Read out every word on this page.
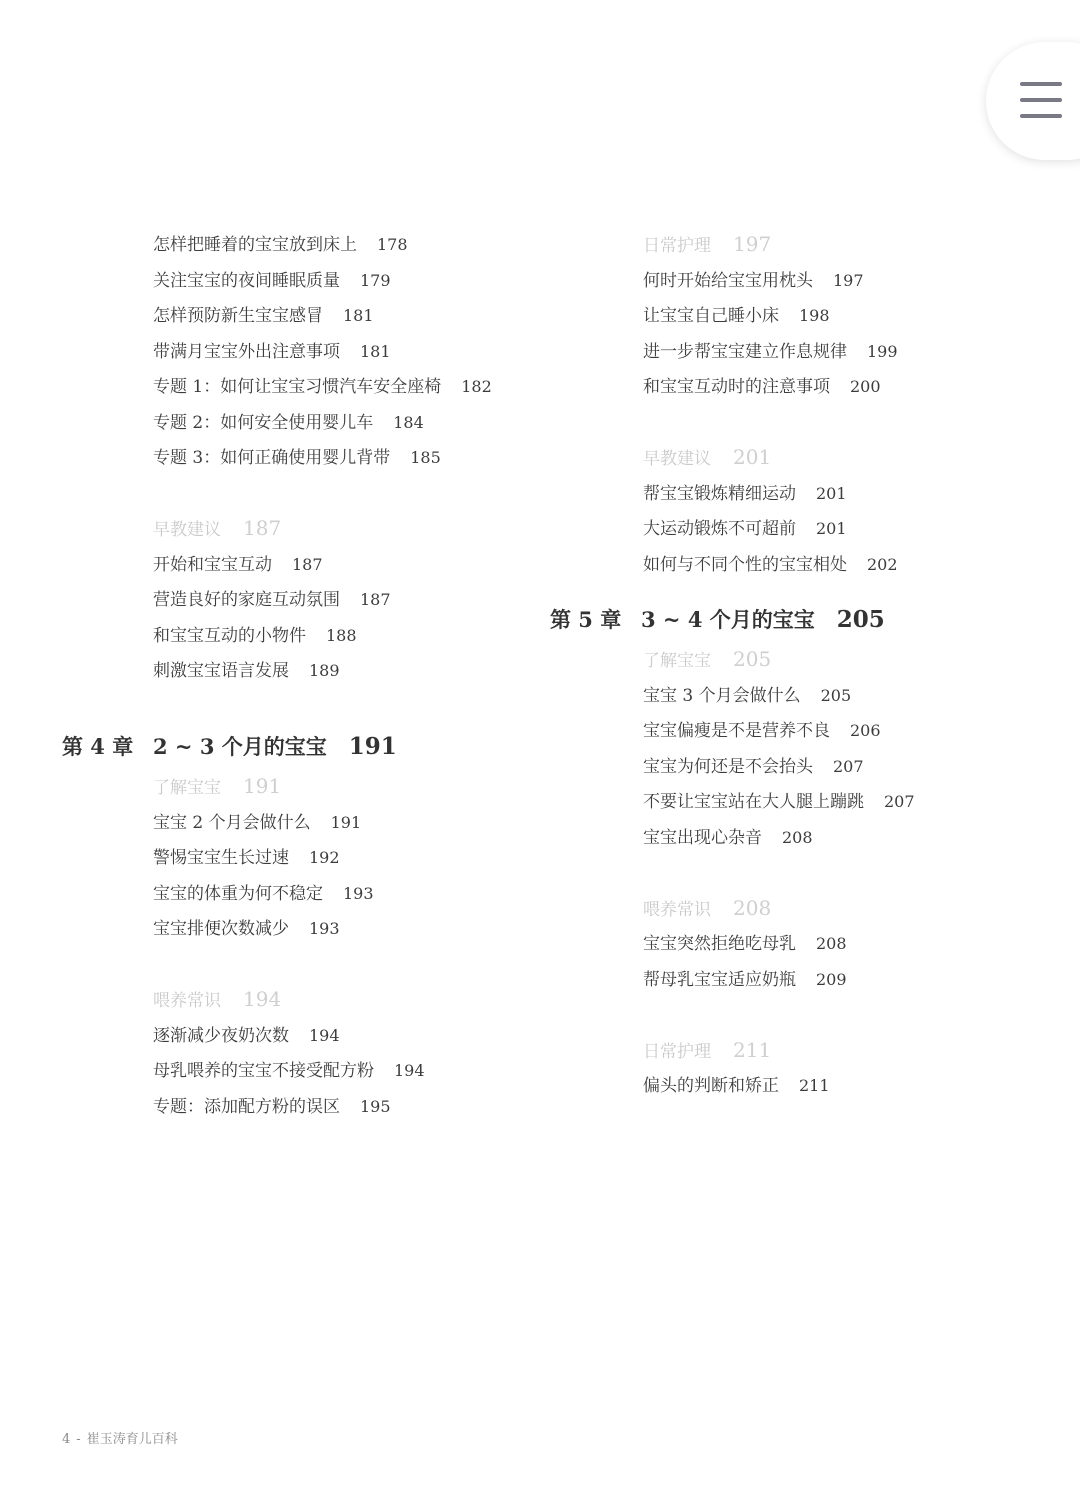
怎样把睡着的宝宝放到床上 178
关注宝宝的夜间睡眠质量 179
怎样预防新生宝宝感冒 181
带满月宝宝外出注意事项 181
专题 1：如何让宝宝习惯汽车安全座椅 182
专题 2：如何安全使用婴儿车 184
专题 3：如何正确使用婴儿背带 185
早教建议 187
开始和宝宝互动 187
营造良好的家庭互动氛围 187
和宝宝互动的小物件 188
刺激宝宝语言发展 189
第 4 章 2 ~ 3 个月的宝宝 191
了解宝宝 191
宝宝 2 个月会做什么 191
警惕宝宝生长过速 192
宝宝的体重为何不稳定 193
宝宝排便次数减少 193
喂养常识 194
逐渐减少夜奶次数 194
母乳喂养的宝宝不接受配方粉 194
专题：添加配方粉的误区 195
日常护理 197
何时开始给宝宝用枕头 197
让宝宝自己睡小床 198
进一步帮宝宝建立作息规律 199
和宝宝互动时的注意事项 200
早教建议 201
帮宝宝锻炼精细运动 201
大运动锻炼不可超前 201
如何与不同个性的宝宝相处 202
第 5 章 3 ~ 4 个月的宝宝 205
了解宝宝 205
宝宝 3 个月会做什么 205
宝宝偏瘦是不是营养不良 206
宝宝为何还是不会抬头 207
不要让宝宝站在大人腿上蹦跳 207
宝宝出现心杂音 208
喂养常识 208
宝宝突然拒绝吃母乳 208
帮母乳宝宝适应奶瓶 209
日常护理 211
偏头的判断和矫正 211
4 - 崔玉涛育儿百科
